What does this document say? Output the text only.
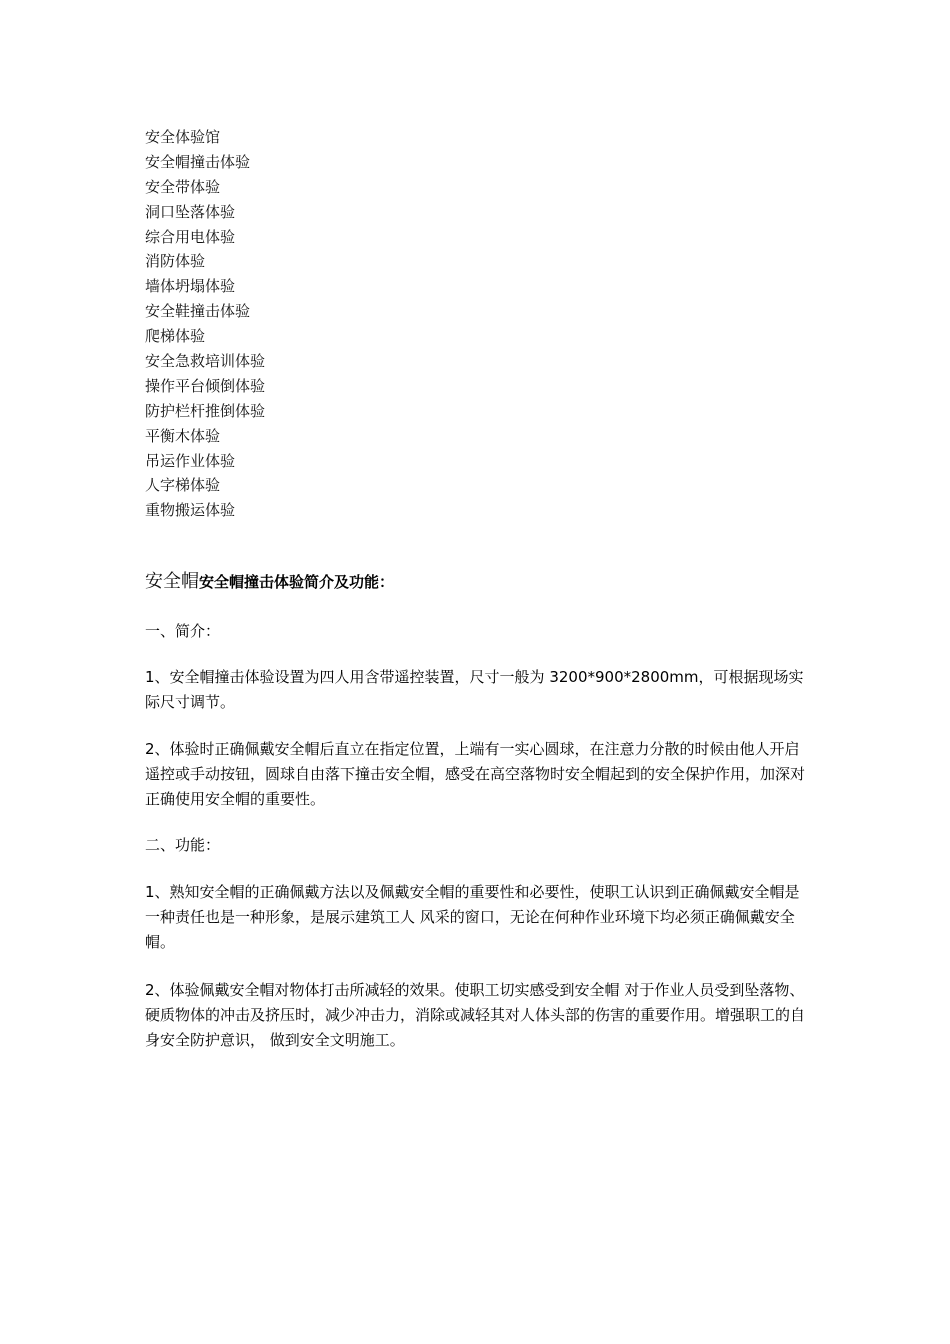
安全体验馆
安全帽撞击体验
安全带体验
洞口坠落体验
综合用电体验
消防体验
墙体坍塌体验
安全鞋撞击体验
爬梯体验
安全急救培训体验
操作平台倾倒体验
防护栏杆推倒体验
平衡木体验
吊运作业体验
人字梯体验
重物搬运体验
安全帽安全帽撞击体验简介及功能：

一、简介：

1、安全帽撞击体验设置为四人用含带遥控装置，尺寸一般为 3200*900*2800mm，可根据现场实际尺寸调节。

2、体验时正确佩戴安全帽后直立在指定位置，上端有一实心圆球，在注意力分散的时候由他人开启遥控或手动按钮，圆球自由落下撞击安全帽，感受在高空落物时安全帽起到的安全保护作用，加深对正确使用安全帽的重要性。

二、功能：

1、熟知安全帽的正确佩戴方法以及佩戴安全帽的重要性和必要性，使职工认识到正确佩戴安全帽是一种责任也是一种形象，是展示建筑工人 风采的窗口，无论在何种作业环境下均必须正确佩戴安全帽。

2、体验佩戴安全帽对物体打击所减轻的效果。使职工切实感受到安全帽 对于作业人员受到坠落物、硬质物体的冲击及挤压时，减少冲击力，消除或减轻其对人体头部的伤害的重要作用。增强职工的自身安全防护意识， 做到安全文明施工。
